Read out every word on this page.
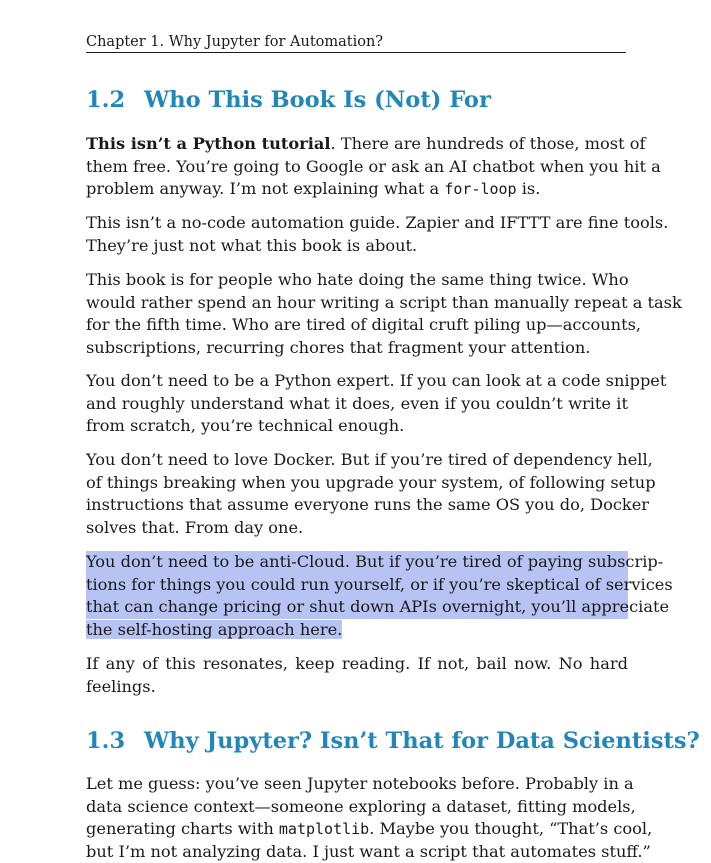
Chapter 1. Why Jupyter for Automation?
1.2 Who This Book Is (Not) For
This isn’t a Python tutorial. There are hundreds of those, most of
them free. You’re going to Google or ask an AI chatbot when you hit a
problem anyway. I’m not explaining what a for-loop is.
This isn’t a no-code automation guide. Zapier and IFTTT are fine tools.
They’re just not what this book is about.
This book is for people who hate doing the same thing twice. Who
would rather spend an hour writing a script than manually repeat a task
for the fifth time. Who are tired of digital cruft piling up—accounts,
subscriptions, recurring chores that fragment your attention.
You don’t need to be a Python expert. If you can look at a code snippet
and roughly understand what it does, even if you couldn’t write it
from scratch, you’re technical enough.
You don’t need to love Docker. But if you’re tired of dependency hell,
of things breaking when you upgrade your system, of following setup
instructions that assume everyone runs the same OS you do, Docker
solves that. From day one.
You don’t need to be anti-Cloud. But if you’re tired of paying subscrip-
tions for things you could run yourself, or if you’re skeptical of services
that can change pricing or shut down APIs overnight, you’ll appreciate
the self-hosting approach here.
If any of this resonates, keep reading. If not, bail now. No hard
feelings.
1.3 Why Jupyter? Isn’t That for Data Scientists?
Let me guess: you’ve seen Jupyter notebooks before. Probably in a
data science context—someone exploring a dataset, fitting models,
generating charts with matplotlib. Maybe you thought, “That’s cool,
but I’m not analyzing data. I just want a script that automates stuff.”
